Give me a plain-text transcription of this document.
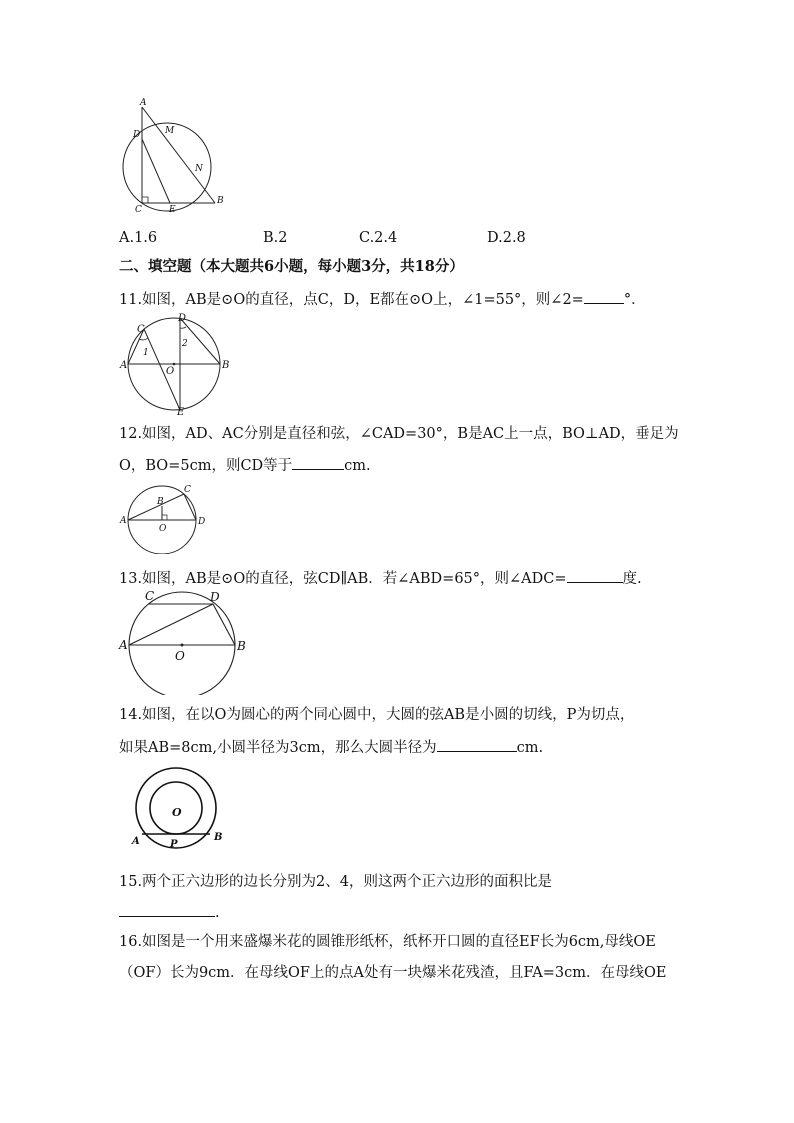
A
D	M
N
C	E
B
A.1.6	B.2	C.2.4	D.2.8
二、填空题（本大题共6小题，每小题3分，共18分）
11.如图，AB是⊙O的直径，点C，D，E都在⊙O上，∠1=55°，则∠2=	°．
C
D
1
2
A
O
B
E
12.如图，AD、AC分别是直径和弦，∠CAD=30°，B是AC上一点，BO⊥AD，垂足为
O，BO=5cm，则CD等于	cm.
C
B
A
O
D
13.如图，AB是⊙O的直径，弦CD∥AB．若∠ABD=65°，则∠ADC=	度.
C	D
A
O
B
14.如图，在以O为圆心的两个同心圆中，大圆的弦AB是小圆的切线，P为切点，
如果AB=8cm,小圆半径为3cm，那么大圆半径为	cm.
O
A	P
B
15.两个正六边形的边长分别为2、4，则这两个正六边形的面积比是
.
16.如图是一个用来盛爆米花的圆锥形纸杯，纸杯开口圆的直径EF长为6cm,母线OE
（OF）长为9cm．在母线OF上的点A处有一块爆米花残渣，且FA=3cm．在母线OE
